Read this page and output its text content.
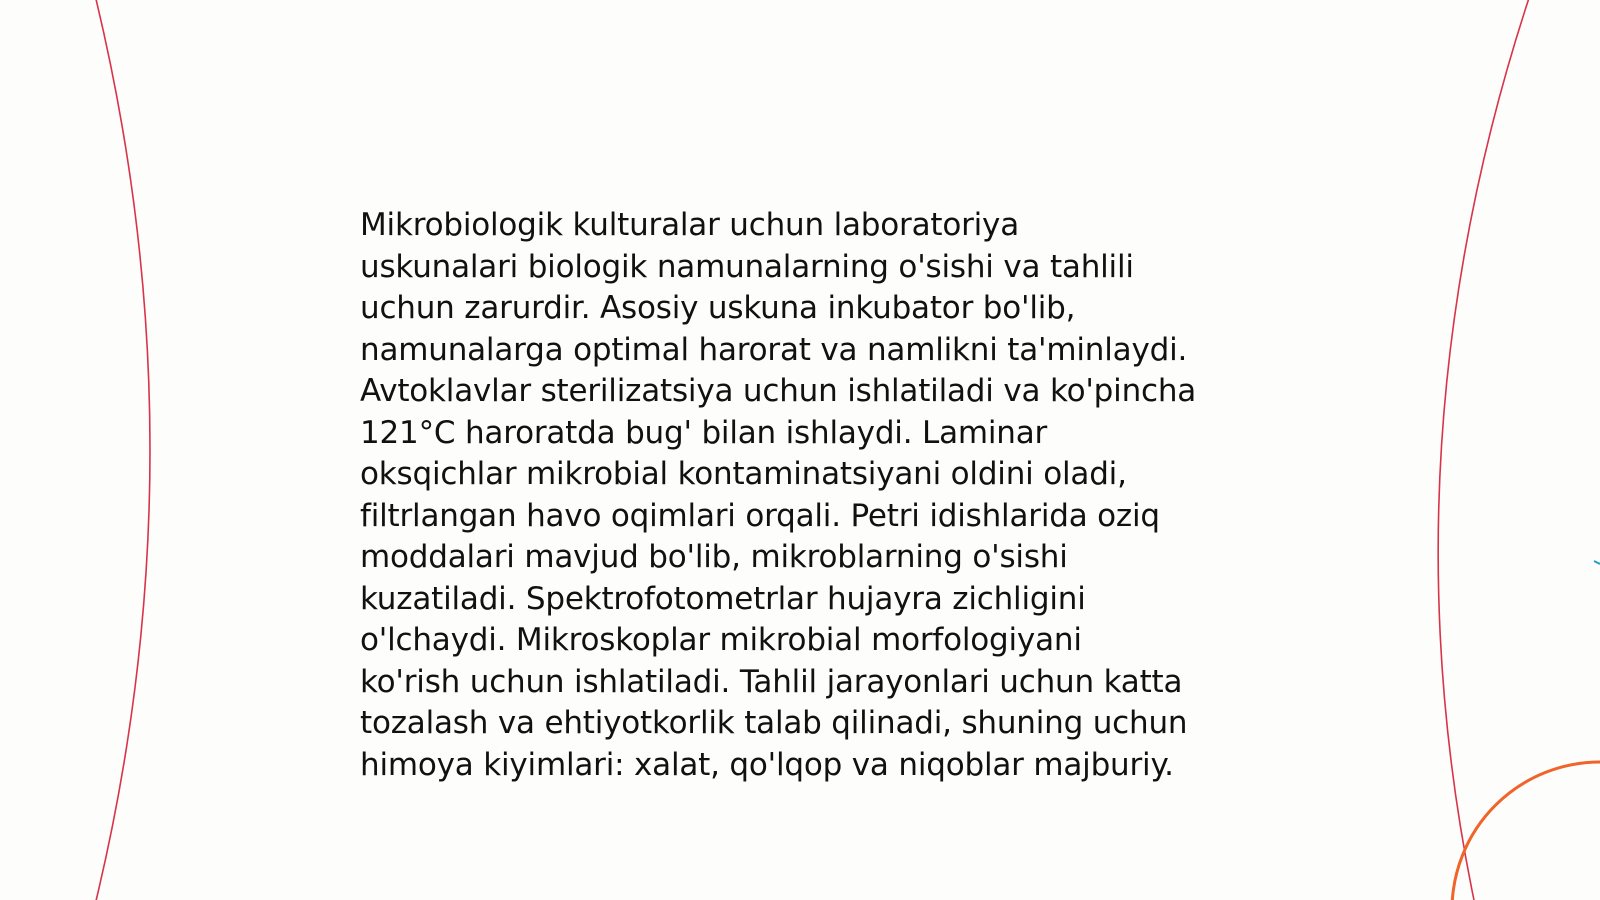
Mikrobiologik kulturalar uchun laboratoriya
uskunalari biologik namunalarning o'sishi va tahlili
uchun zarurdir. Asosiy uskuna inkubator bo'lib,
namunalarga optimal harorat va namlikni ta'minlaydi.
Avtoklavlar sterilizatsiya uchun ishlatiladi va ko'pincha
121°C haroratda bug' bilan ishlaydi. Laminar
oksqichlar mikrobial kontaminatsiyani oldini oladi,
filtrlangan havo oqimlari orqali. Petri idishlarida oziq
moddalari mavjud bo'lib, mikroblarning o'sishi
kuzatiladi. Spektrofotometrlar hujayra zichligini
o'lchaydi. Mikroskoplar mikrobial morfologiyani
ko'rish uchun ishlatiladi. Tahlil jarayonlari uchun katta
tozalash va ehtiyotkorlik talab qilinadi, shuning uchun
himoya kiyimlari: xalat, qo'lqop va niqoblar majburiy.
